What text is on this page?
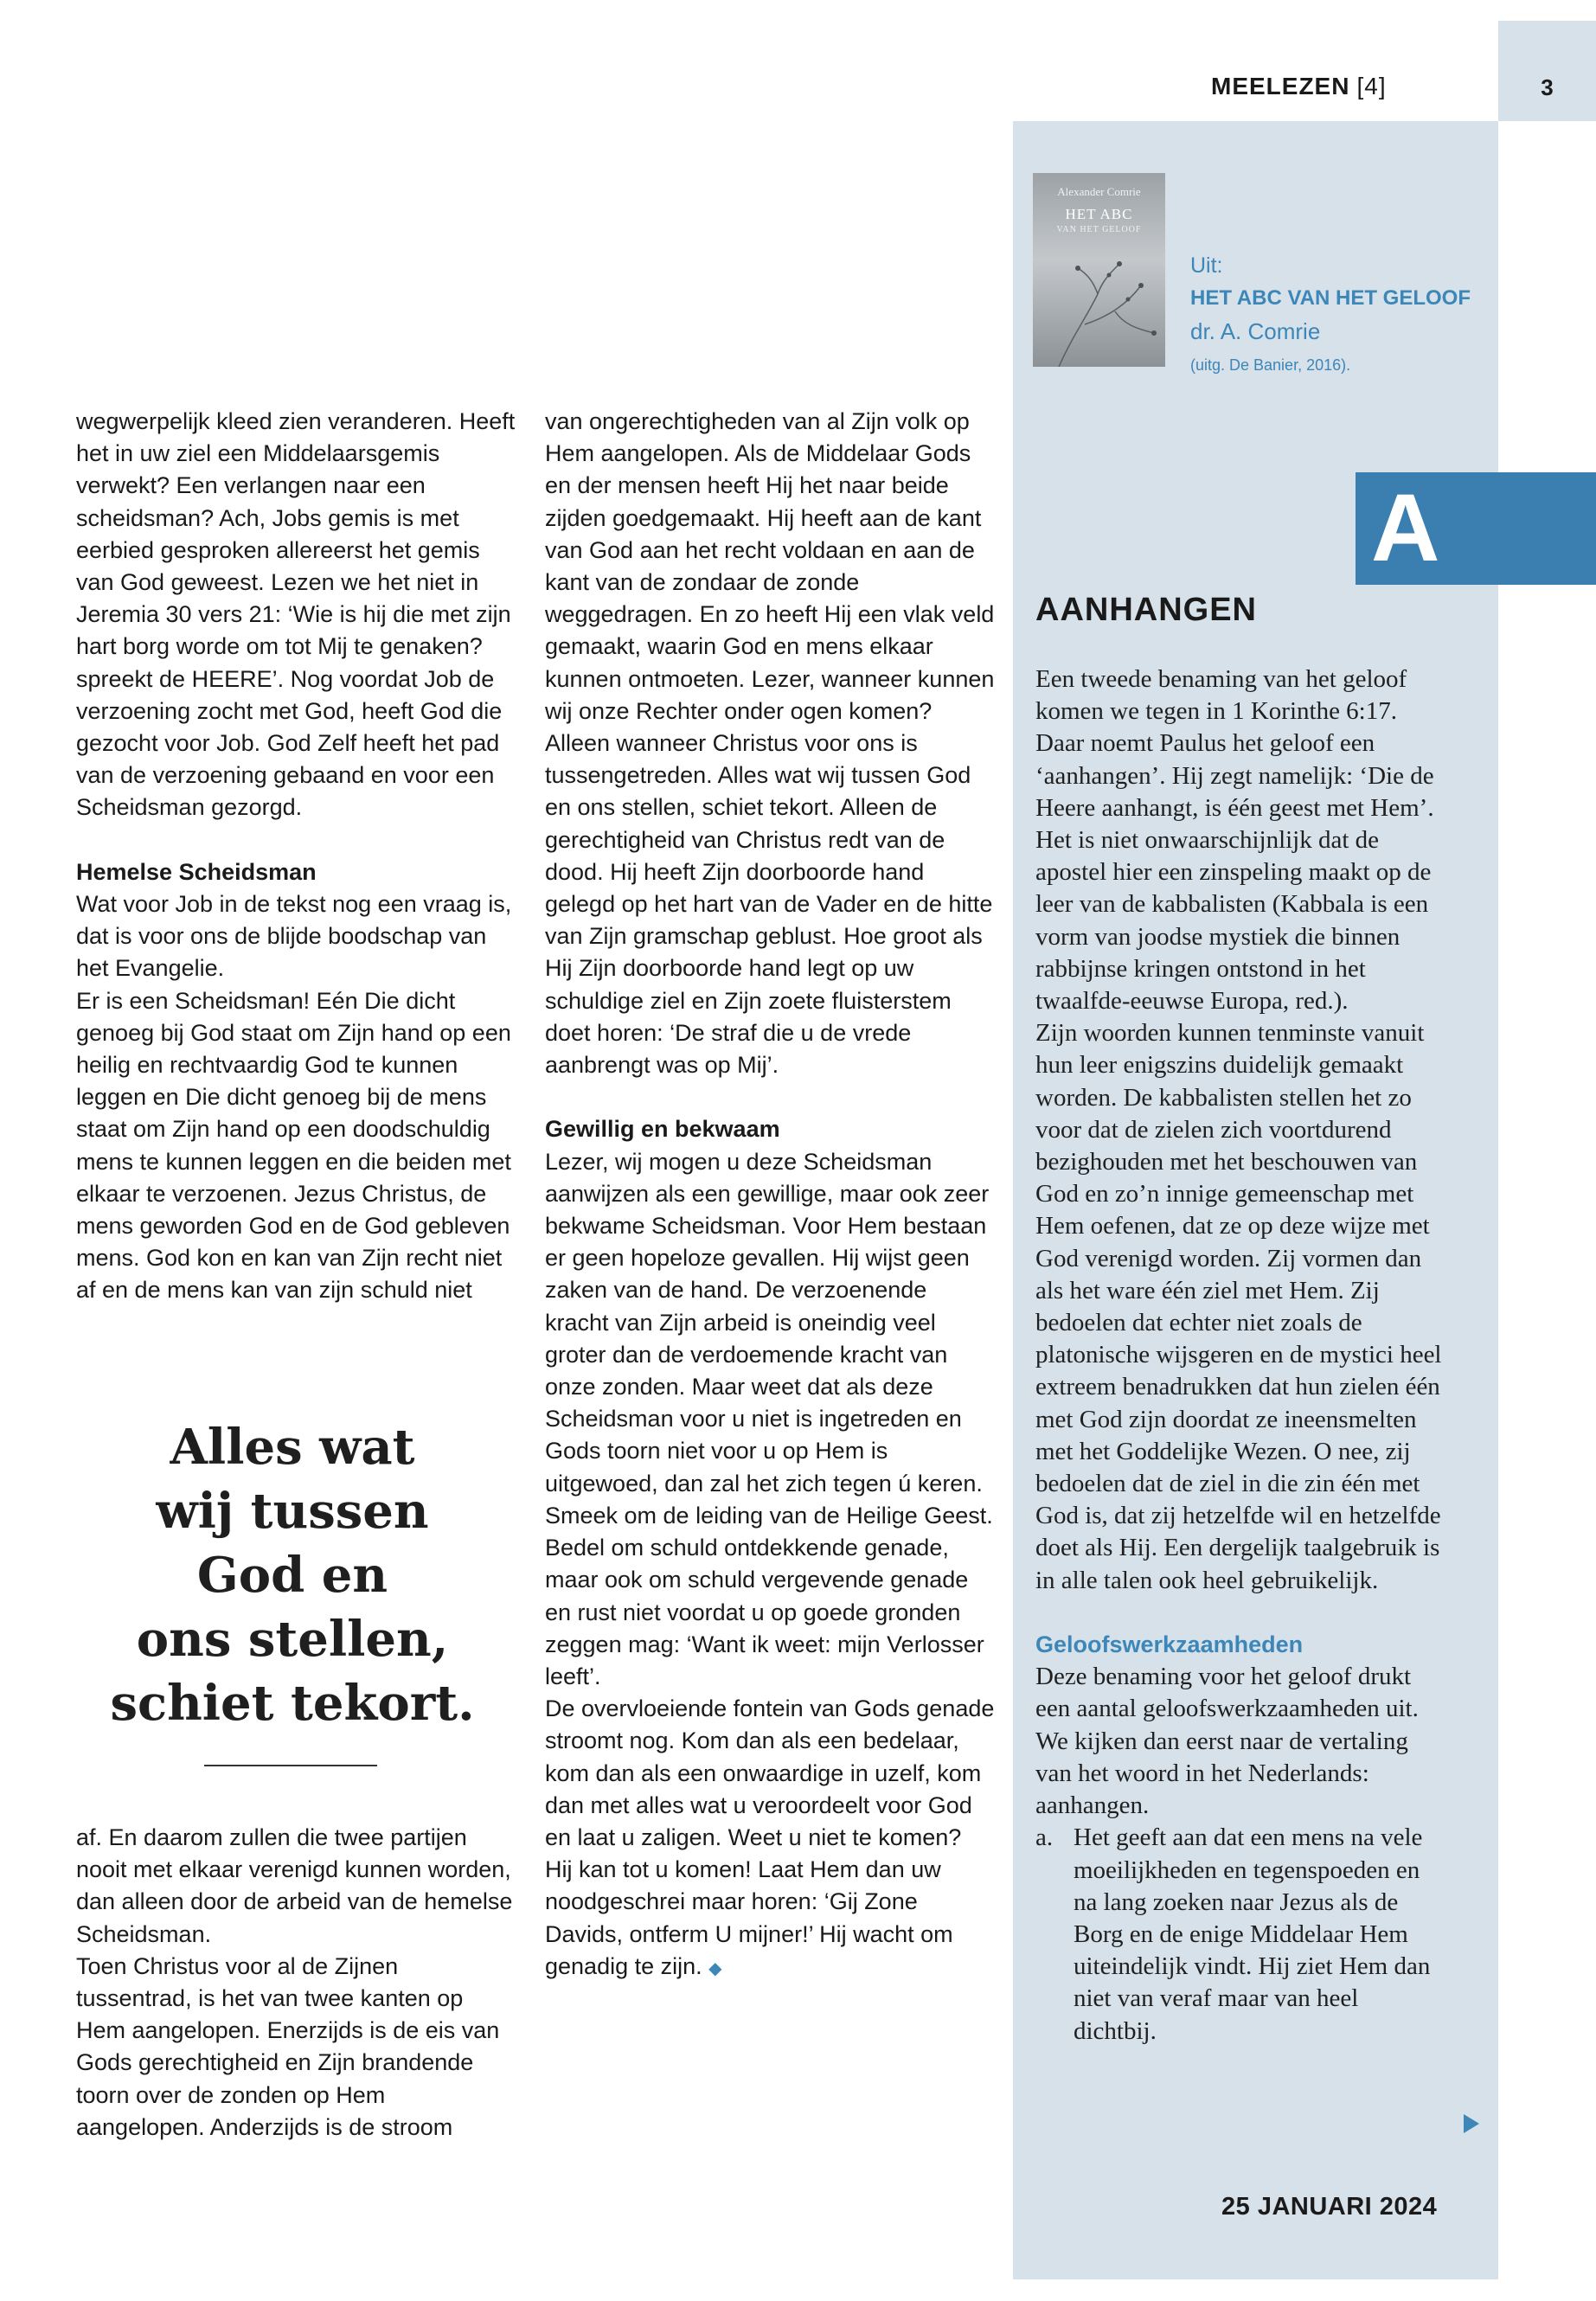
MEELEZEN [4]	3
Alexander Comrie
HET ABC
VAN HET GELOOF
Uit:
HET ABC VAN HET GELOOF
dr. A. Comrie
(uitg. De Banier, 2016).
A

wegwerpelijk kleed zien veranderen. Heeft het in uw ziel een Middelaarsgemis verwekt? Een verlangen naar een scheidsman? Ach, Jobs gemis is met eerbied gesproken allereerst het gemis van God geweest. Lezen we het niet in Jeremia 30 vers 21: ‘Wie is hij die met zijn hart borg worde om tot Mij te genaken? spreekt de HEERE’. Nog voordat Job de verzoening zocht met God, heeft God die gezocht voor Job. God Zelf heeft het pad van de verzoening gebaand en voor een Scheidsman gezorgd.

Hemelse Scheidsman

Wat voor Job in de tekst nog een vraag is, dat is voor ons de blijde boodschap van het Evangelie.

Er is een Scheidsman! Eén Die dicht genoeg bij God staat om Zijn hand op een heilig en rechtvaardig God te kunnen leggen en Die dicht genoeg bij de mens staat om Zijn hand op een doodschuldig mens te kunnen leggen en die beiden met elkaar te verzoenen. Jezus Christus, de mens geworden God en de God gebleven mens. God kon en kan van Zijn recht niet af en de mens kan van zijn schuld niet

Alles wat
wij tussen
God en
ons stellen,
schiet tekort.

af. En daarom zullen die twee partijen nooit met elkaar verenigd kunnen worden, dan alleen door de arbeid van de hemelse Scheidsman.

Toen Christus voor al de Zijnen tussentrad, is het van twee kanten op Hem aangelopen. Enerzijds is de eis van Gods gerechtigheid en Zijn brandende toorn over de zonden op Hem aangelopen. Anderzijds is de stroom

van ongerechtigheden van al Zijn volk op Hem aangelopen. Als de Middelaar Gods en der mensen heeft Hij het naar beide zijden goedgemaakt. Hij heeft aan de kant van God aan het recht voldaan en aan de kant van de zondaar de zonde weggedragen. En zo heeft Hij een vlak veld gemaakt, waarin God en mens elkaar kunnen ontmoeten. Lezer, wanneer kunnen wij onze Rechter onder ogen komen? Alleen wanneer Christus voor ons is tussengetreden. Alles wat wij tussen God en ons stellen, schiet tekort. Alleen de gerechtigheid van Christus redt van de dood. Hij heeft Zijn doorboorde hand gelegd op het hart van de Vader en de hitte van Zijn gramschap geblust. Hoe groot als Hij Zijn doorboorde hand legt op uw schuldige ziel en Zijn zoete fluisterstem doet horen: ‘De straf die u de vrede aanbrengt was op Mij’.

Gewillig en bekwaam

Lezer, wij mogen u deze Scheidsman aanwijzen als een gewillige, maar ook zeer bekwame Scheidsman. Voor Hem bestaan er geen hopeloze gevallen. Hij wijst geen zaken van de hand. De verzoenende kracht van Zijn arbeid is oneindig veel groter dan de verdoemende kracht van onze zonden. Maar weet dat als deze Scheidsman voor u niet is ingetreden en Gods toorn niet voor u op Hem is uitgewoed, dan zal het zich tegen ú keren. Smeek om de leiding van de Heilige Geest. Bedel om schuld ontdekkende genade, maar ook om schuld vergevende genade en rust niet voordat u op goede gronden zeggen mag: ‘Want ik weet: mijn Verlosser leeft’.

De overvloeiende fontein van Gods genade stroomt nog. Kom dan als een bedelaar, kom dan als een onwaardige in uzelf, kom dan met alles wat u veroordeelt voor God en laat u zaligen. Weet u niet te komen? Hij kan tot u komen! Laat Hem dan uw noodgeschrei maar horen: ‘Gij Zone Davids, ontferm U mijner!’ Hij wacht om genadig te zijn. ◆

AANHANGEN

Een tweede benaming van het geloof komen we tegen in 1 Korinthe 6:17. Daar noemt Paulus het geloof een ‘aanhangen’. Hij zegt namelijk: ‘Die de Heere aanhangt, is één geest met Hem’. Het is niet onwaarschijnlijk dat de apostel hier een zinspeling maakt op de leer van de kabbalisten (Kabbala is een vorm van joodse mystiek die binnen rabbijnse kringen ontstond in het twaalfde-eeuwse Europa, red.).

Zijn woorden kunnen tenminste vanuit hun leer enigszins duidelijk gemaakt worden. De kabbalisten stellen het zo voor dat de zielen zich voortdurend bezighouden met het beschouwen van God en zo’n innige gemeenschap met Hem oefenen, dat ze op deze wijze met God verenigd worden. Zij vormen dan als het ware één ziel met Hem. Zij bedoelen dat echter niet zoals de platonische wijsgeren en de mystici heel extreem benadrukken dat hun zielen één met God zijn doordat ze ineensmelten met het Goddelijke Wezen. O nee, zij bedoelen dat de ziel in die zin één met God is, dat zij hetzelfde wil en hetzelfde doet als Hij. Een dergelijk taalgebruik is in alle talen ook heel gebruikelijk.

Geloofswerkzaamheden

Deze benaming voor het geloof drukt een aantal geloofswerkzaamheden uit. We kijken dan eerst naar de vertaling van het woord in het Nederlands: aanhangen.

a. Het geeft aan dat een mens na vele moeilijkheden en tegenspoeden en na lang zoeken naar Jezus als de Borg en de enige Middelaar Hem uiteindelijk vindt. Hij ziet Hem dan niet van veraf maar van heel dichtbij.
25 JANUARI 2024
